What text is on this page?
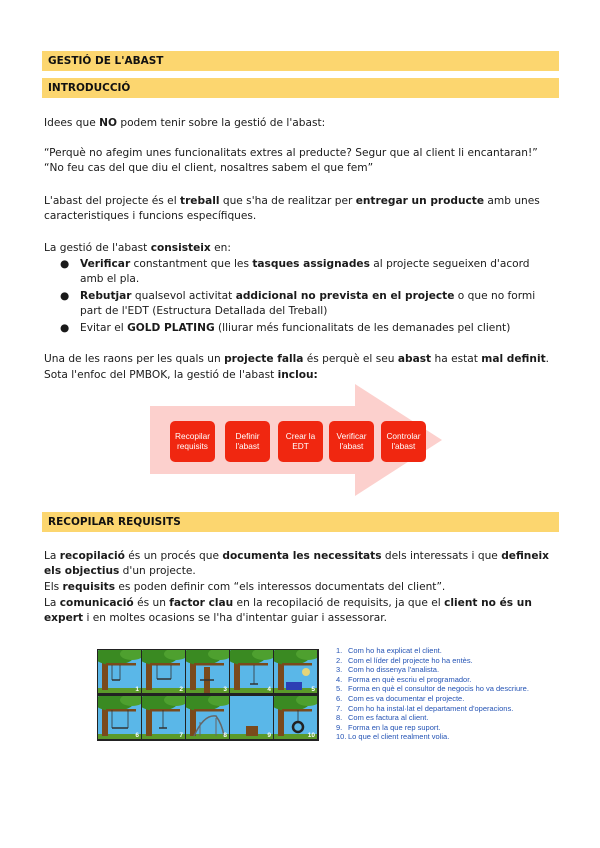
GESTIÓ DE L'ABAST
INTRODUCCIÓ
Idees que NO podem tenir sobre la gestió de l'abast:
“Perquè no afegim unes funcionalitats extres al preducte? Segur que al client li encantaran!”
“No feu cas del que diu el client, nosaltres sabem el que fem”
L'abast del projecte és el treball que s'ha de realitzar per entregar un producte amb unes caracteristiques i funcions específiques.
La gestió de l'abast consisteix en:
● Verificar constantment que les tasques assignades al projecte segueixen d'acord amb el pla.
● Rebutjar qualsevol activitat addicional no prevista en el projecte o que no formi part de l'EDT (Estructura Detallada del Treball)
● Evitar el GOLD PLATING (lliurar més funcionalitats de les demanades pel client)
Una de les raons per les quals un projecte falla és perquè el seu abast ha estat mal definit.
Sota l'enfoc del PMBOK, la gestió de l'abast inclou:
Recopilar requisits
Definir l'abast
Crear la EDT
Verificar l'abast
Controlar l'abast
RECOPILAR REQUISITS
La recopilació és un procés que documenta les necessitats dels interessats i que defineix els objectius d'un projecte.
Els requisits es poden definir com “els interessos documentats del client”.
La comunicació és un factor clau en la recopilació de requisits, ja que el client no és un expert i en moltes ocasions se l'ha d'intentar guiar i assessorar.
1	2	3	4	5
6	7	8	9	10
1. Com ho ha explicat el client.
2. Com el líder del projecte ho ha entès.
3. Com ho dissenya l'analista.
4. Forma en què escriu el programador.
5. Forma en què el consultor de negocis ho va descriure.
6. Com es va documentar el projecte.
7. Com ho ha instal·lat el departament d'operacions.
8. Com es factura al client.
9. Forma en la que rep suport.
10. Lo que el client realment volia.
